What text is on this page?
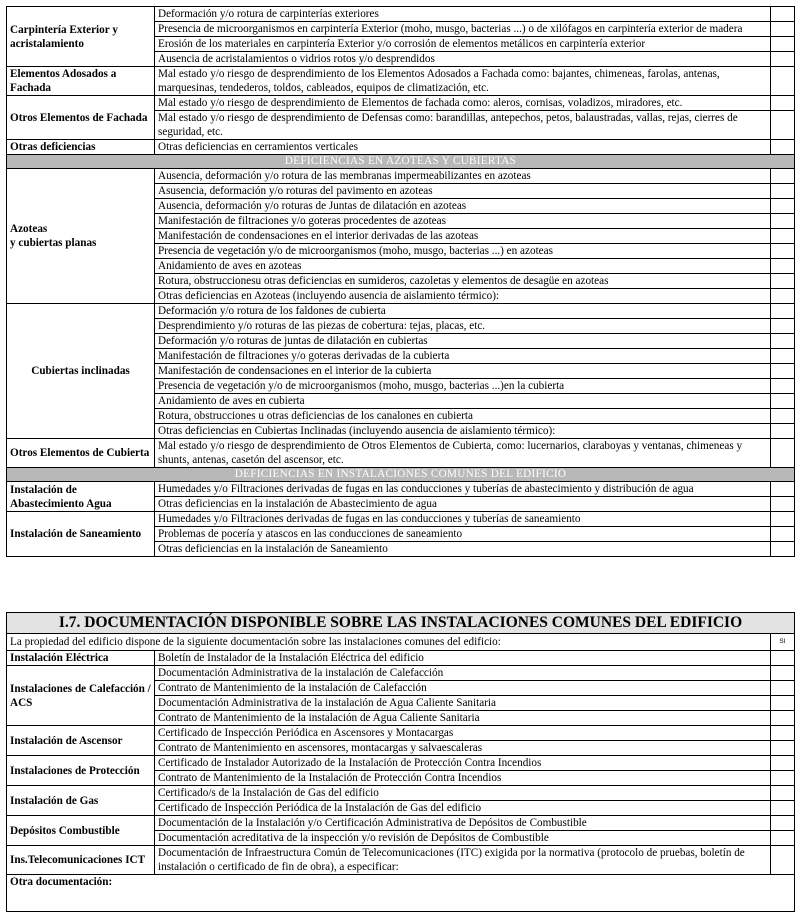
Carpintería Exterior y acristalamiento	Deformación y/o rotura de carpinterías exteriores	
	Presencia de microorganismos en carpintería Exterior (moho, musgo, bacterias ...) o de xilófagos en carpintería exterior de madera	
	Erosión de los materiales en carpintería Exterior y/o corrosión de elementos metálicos en carpintería exterior	
	Ausencia de acristalamientos o vidrios rotos y/o desprendidos	
Elementos Adosados a Fachada	Mal estado y/o riesgo de desprendimiento de los Elementos Adosados a Fachada como: bajantes, chimeneas, farolas, antenas, marquesinas, tendederos, toldos, cableados, equipos de climatización, etc.	
Otros Elementos de Fachada	Mal estado y/o riesgo de desprendimiento de Elementos de fachada como: aleros, cornisas, voladizos, miradores, etc.	
	Mal estado y/o riesgo de desprendimiento de Defensas como: barandillas, antepechos, petos, balaustradas, vallas, rejas, cierres de seguridad, etc.	
Otras deficiencias	Otras deficiencias en cerramientos verticales	
DEFICIENCIAS EN AZOTEAS Y CUBIERTAS		
Azoteas
y cubiertas planas	Ausencia, deformación y/o rotura de las membranas impermeabilizantes en azoteas	
	Asusencia, deformación y/o roturas del pavimento en azoteas	
	Ausencia, deformación y/o roturas de Juntas de dilatación en azoteas	
	Manifestación de filtraciones y/o goteras procedentes de azoteas	
	Manifestación de condensaciones en el interior derivadas de las azoteas	
	Presencia de vegetación y/o de microorganismos (moho, musgo, bacterias ...) en azoteas	
	Anidamiento de aves en azoteas	
	Rotura, obstruccionesu otras deficiencias en sumideros, cazoletas y elementos de desagüe en azoteas	
	Otras deficiencias en Azoteas (incluyendo ausencia de aislamiento térmico):	
Cubiertas inclinadas	Deformación y/o rotura de los faldones de cubierta	
	Desprendimiento y/o roturas de las piezas de cobertura: tejas, placas, etc.	
	Deformación y/o roturas de juntas de dilatación en cubiertas	
	Manifestación de filtraciones y/o goteras derivadas de la cubierta	
	Manifestación de condensaciones en el interior de la cubierta	
	Presencia de vegetación y/o de microorganismos (moho, musgo, bacterias ...)en la cubierta	
	Anidamiento de aves en cubierta	
	Rotura, obstrucciones u otras deficiencias de los canalones en cubierta	
	Otras deficiencias en Cubiertas Inclinadas (incluyendo ausencia de aislamiento térmico):	
Otros Elementos de Cubierta	Mal estado y/o riesgo de desprendimiento de Otros Elementos de Cubierta, como: lucernarios, claraboyas y ventanas, chimeneas y shunts, antenas, casetón del ascensor, etc.	
DEFICIENCIAS EN INSTALACIONES COMUNES DEL EDIFICIO		
Instalación de Abastecimiento Agua	Humedades y/o Filtraciones derivadas de fugas en las conducciones y tuberías de abastecimiento y distribución de agua	
	Otras deficiencias en la instalación de Abastecimiento de agua	
Instalación de Saneamiento	Humedades y/o Filtraciones derivadas de fugas en las conducciones y tuberías de saneamiento	
	Problemas de pocería y atascos en las conducciones de saneamiento	
	Otras deficiencias en la instalación de Saneamiento	
I.7. DOCUMENTACIÓN DISPONIBLE SOBRE LAS INSTALACIONES COMUNES DEL EDIFICIO		
La propiedad del edificio dispone de la siguiente documentación sobre las instalaciones comunes del edificio:		SI
Instalación Eléctrica	Boletín de Instalador de la Instalación Eléctrica del edificio	
Instalaciones de Calefacción / ACS	Documentación Administrativa de la instalación de Calefacción	
	Contrato de Mantenimiento de la instalación de Calefacción	
	Documentación Administrativa de la instalación de Agua Caliente Sanitaria	
	Contrato de Mantenimiento de la instalación de Agua Caliente Sanitaria	
Instalación de Ascensor	Certificado de Inspección Periódica en Ascensores y Montacargas	
	Contrato de Mantenimiento en ascensores, montacargas y salvaescaleras	
Instalaciones de Protección	Certificado de Instalador Autorizado de la Instalación de Protección Contra Incendios	
	Contrato de Mantenimiento de la Instalación de Protección Contra Incendios	
Instalación de Gas	Certificado/s de la Instalación de Gas del edificio	
	Certificado de Inspección Periódica de la Instalación de Gas del edificio	
Depósitos Combustible	Documentación de la Instalación y/o Certificación Administrativa de Depósitos de Combustible	
	Documentación acreditativa de la inspección y/o revisión de Depósitos de Combustible	
Ins.Telecomunicaciones ICT	Documentación de Infraestructura Común de Telecomunicaciones (ITC) exigida por la normativa (protocolo de pruebas, boletín de instalación o certificado de fin de obra), a especificar:	
Otra documentación:		
